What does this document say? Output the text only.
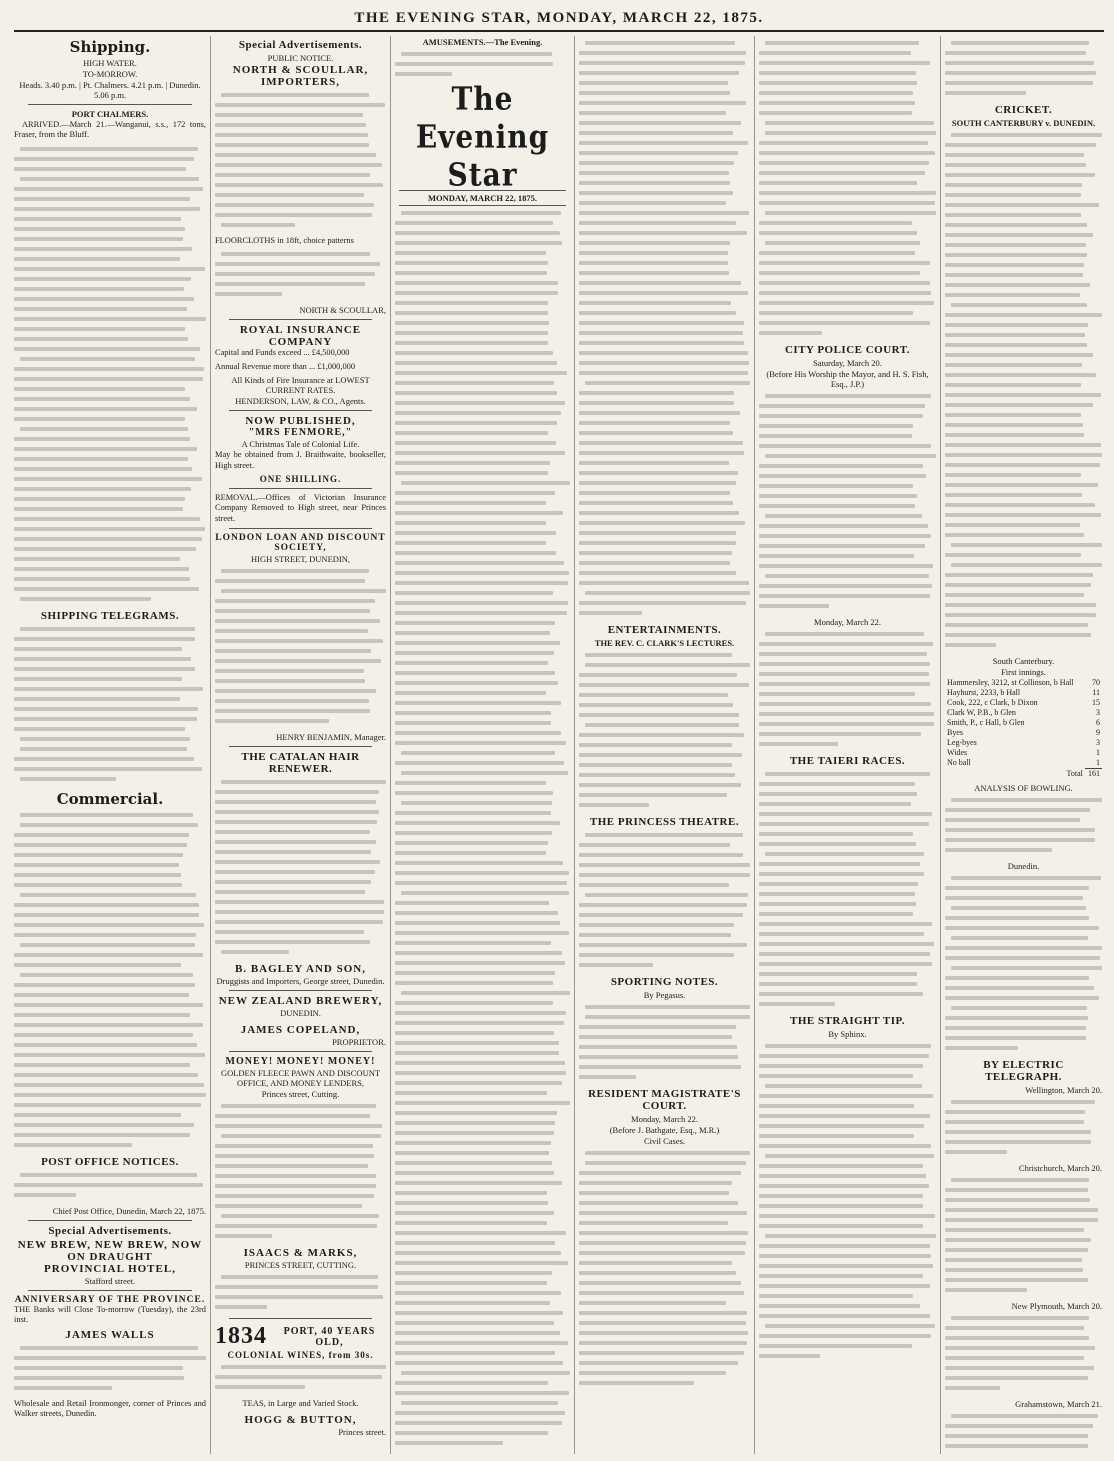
THE EVENING STAR, MONDAY, MARCH 22, 1875.
Shipping.
HIGH WATER.
TO-MORROW.
Heads. 3.40 p.m. | Pt. Chalmers. 4.21 p.m. | Dunedin. 5.06 p.m.
PORT CHALMERS.
ARRIVED.—March 21.—Wanganui, s.s., 172 tons, Fraser, from the Bluff.
SHIPPING TELEGRAMS.
Commercial.
POST OFFICE NOTICES.
Chief Post Office, Dunedin, March 22, 1875.
Special Advertisements.
NEW BREW, NEW BREW, NOW ON DRAUGHT
PROVINCIAL HOTEL,
Stafford street.
ANNIVERSARY OF THE PROVINCE.
THE Banks will Close To-morrow (Tuesday), the 23rd inst.
JAMES WALLS
Wholesale and Retail Ironmonger, corner of Princes and Walker streets, Dunedin.
Special Advertisements.
PUBLIC NOTICE.
NORTH & SCOULLAR, IMPORTERS,
FLOORCLOTHS in 18ft, choice patterns
NORTH & SCOULLAR,
ROYAL INSURANCE COMPANY
Capital and Funds exceed ... £4,500,000
Annual Revenue more than ... £1,000,000
All Kinds of Fire Insurance at LOWEST CURRENT RATES.
HENDERSON, LAW, & CO., Agents.
NOW PUBLISHED,
"MRS FENMORE,"
A Christmas Tale of Colonial Life.
May be obtained from J. Braithwaite, bookseller, High street.
ONE SHILLING.
REMOVAL.—Offices of Victorian Insurance Company Removed to High street, near Princes street.
LONDON LOAN AND DISCOUNT SOCIETY,
HIGH STREET, DUNEDIN,
HENRY BENJAMIN, Manager.
THE CATALAN HAIR RENEWER.
B. BAGLEY AND SON,
Druggists and Importers, George street, Dunedin.
NEW ZEALAND BREWERY,
DUNEDIN.
JAMES COPELAND,
PROPRIETOR.
MONEY! MONEY! MONEY!
GOLDEN FLEECE PAWN AND DISCOUNT OFFICE, AND MONEY LENDERS,
Princes street, Cutting.
ISAACS & MARKS,
PRINCES STREET, CUTTING.
1834	PORT, 40 YEARS OLD,
COLONIAL WINES, from 30s.
TEAS, in Large and Varied Stock.
HOGG & BUTTON,
Princes street.
AMUSEMENTS.—The Evening.
The Evening Star
MONDAY, MARCH 22, 1875.
ENTERTAINMENTS.
THE REV. C. CLARK'S LECTURES.
THE PRINCESS THEATRE.
SPORTING NOTES.
By Pegasus.
RESIDENT MAGISTRATE'S COURT.
Monday, March 22.
(Before J. Bathgate, Esq., M.R.)
Civil Cases.
CITY POLICE COURT.
Saturday, March 20.
(Before His Worship the Mayor, and H. S. Fish, Esq., J.P.)
Monday, March 22.
THE TAIERI RACES.
THE STRAIGHT TIP.
By Sphinx.
CRICKET.
SOUTH CANTERBURY v. DUNEDIN.
South Canterbury.
First innings.
Hammersley, 3212, st Collinson, b Hall	70
Hayhurst, 2233, b Hall	11
Cook, 222, c Clark, b Dixon	15
Clark W, P.B., b Glen	3
Smith, P., c Hall, b Glen	6
Byes	9
Leg-byes	3
Wides	1
No ball	1
Total	161
ANALYSIS OF BOWLING.
Dunedin.
BY ELECTRIC TELEGRAPH.
Wellington, March 20.
Christchurch, March 20.
New Plymouth, March 20.
Grahamstown, March 21.
